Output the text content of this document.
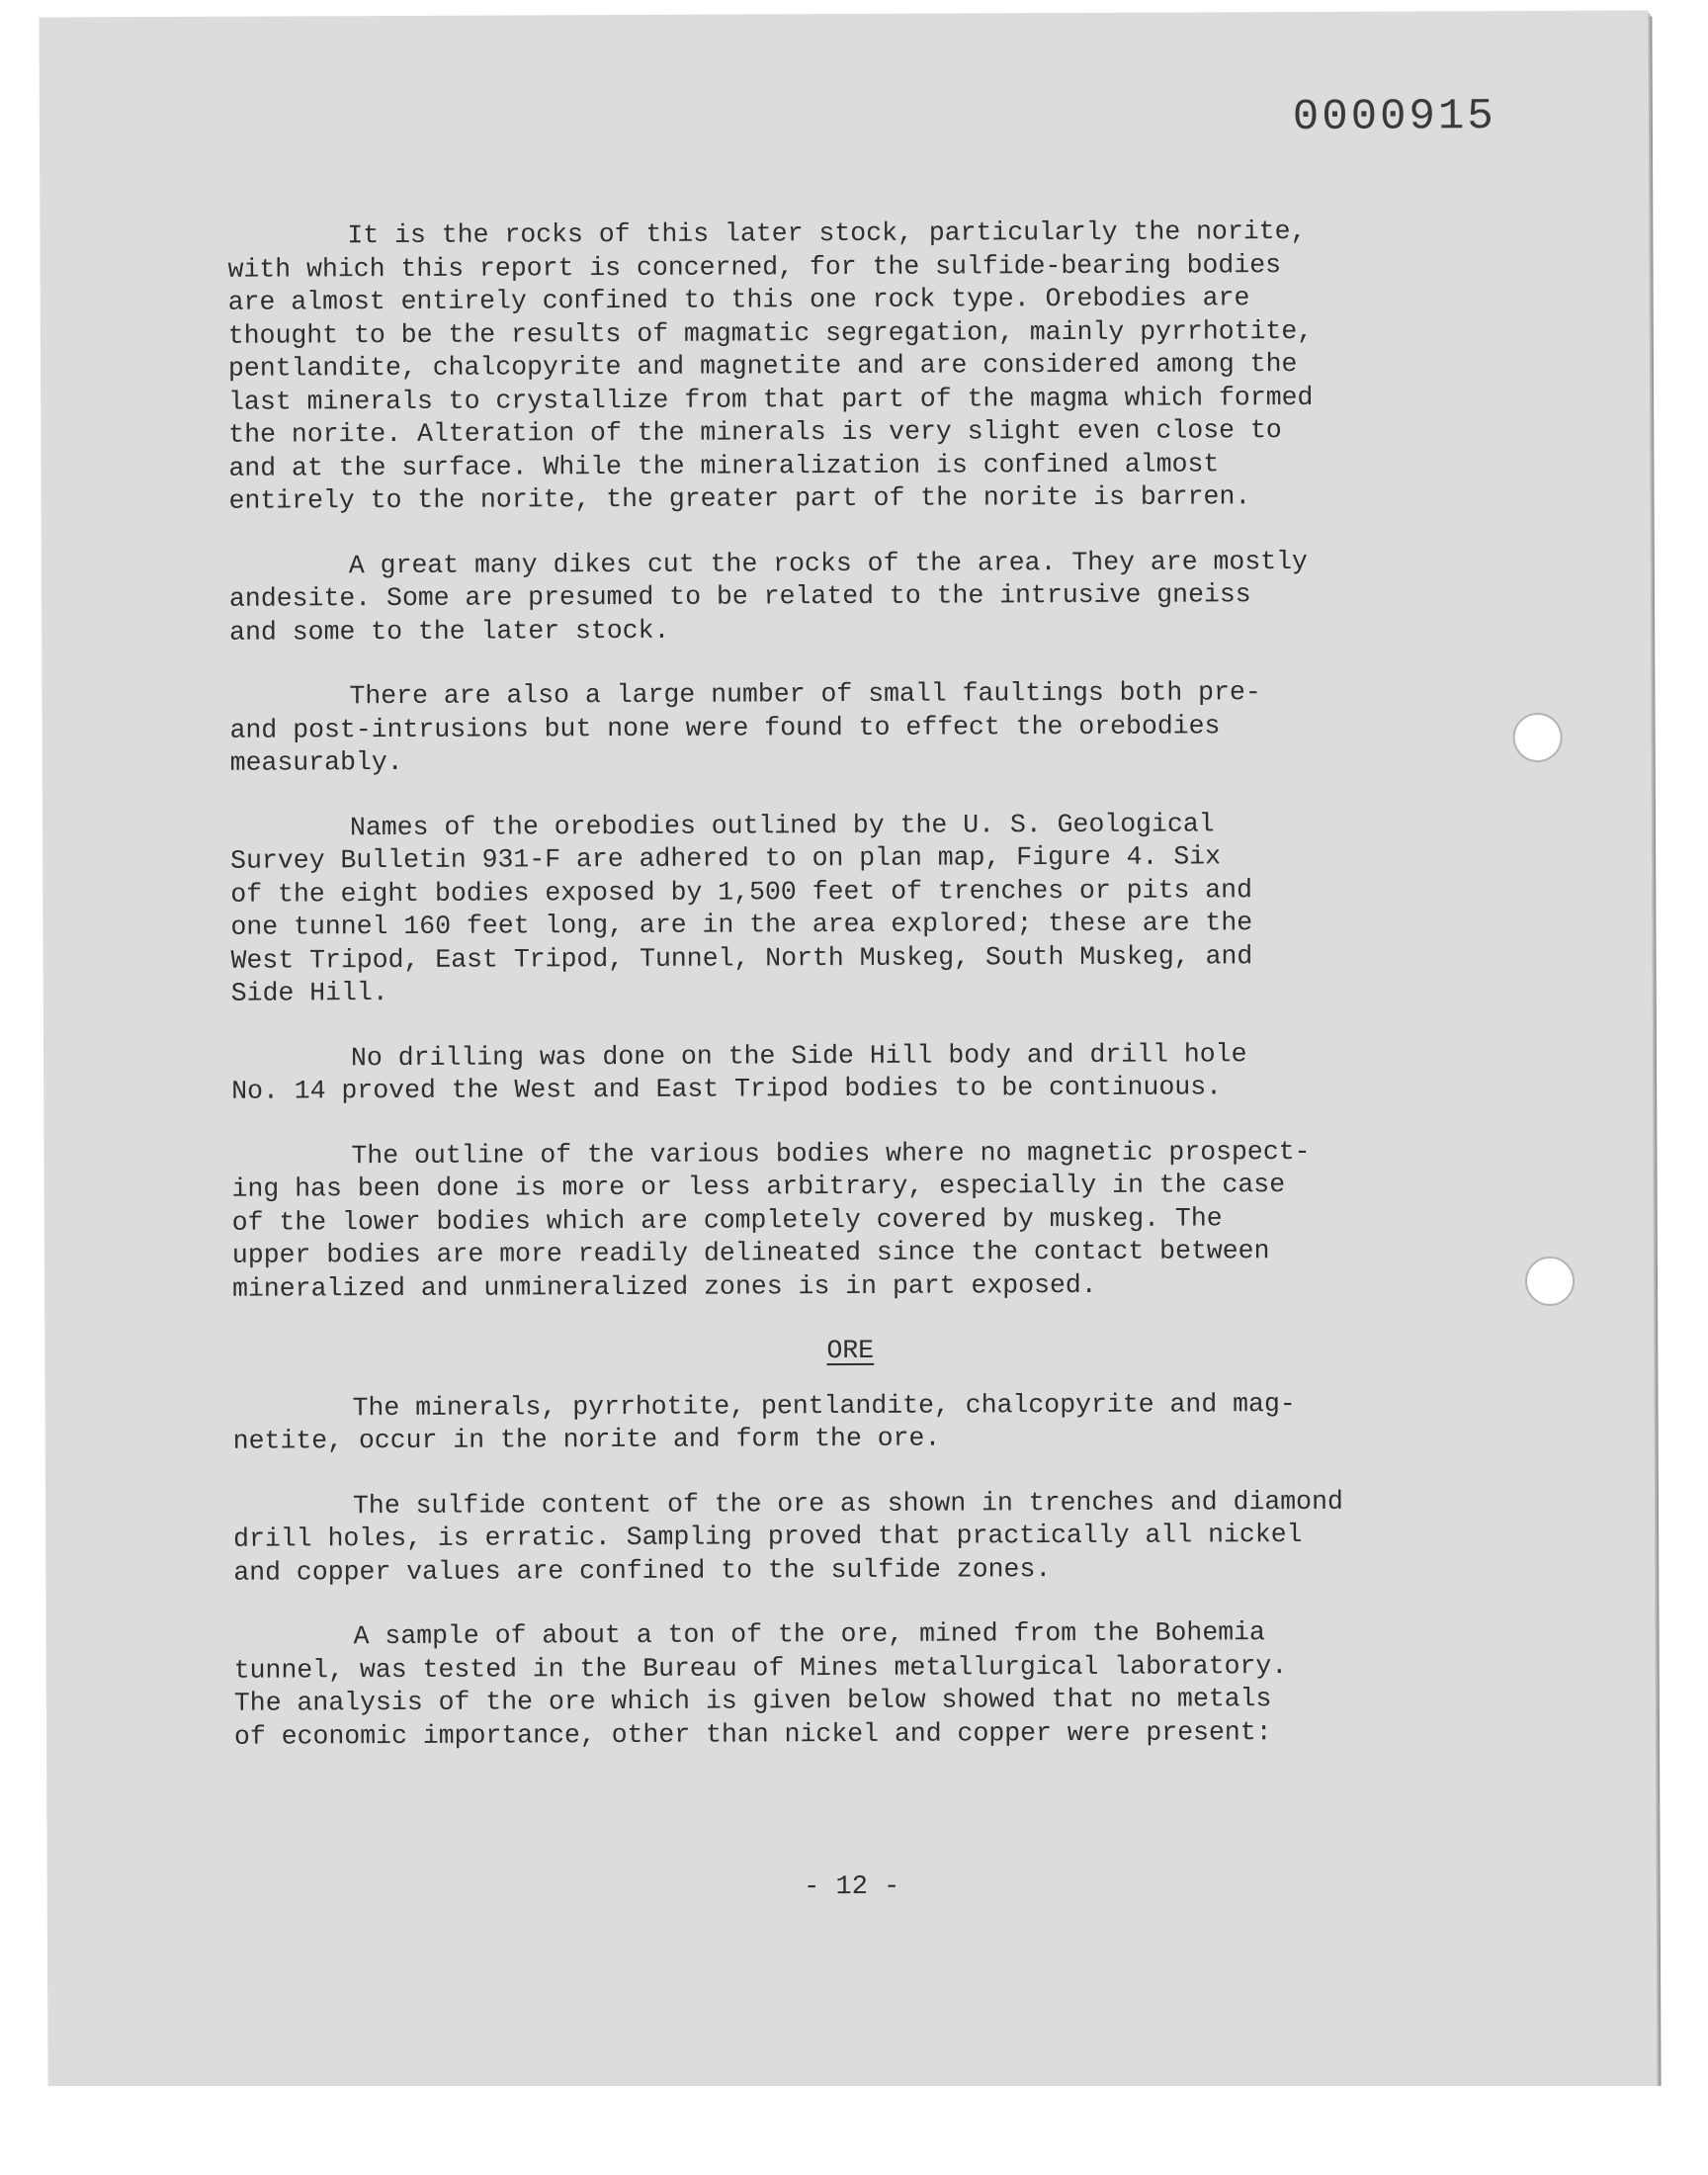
0000915

It is the rocks of this later stock, particularly the norite,
with which this report is concerned, for the sulfide-bearing bodies
are almost entirely confined to this one rock type. Orebodies are
thought to be the results of magmatic segregation, mainly pyrrhotite,
pentlandite, chalcopyrite and magnetite and are considered among the
last minerals to crystallize from that part of the magma which formed
the norite. Alteration of the minerals is very slight even close to
and at the surface. While the mineralization is confined almost
entirely to the norite, the greater part of the norite is barren.

A great many dikes cut the rocks of the area. They are mostly
andesite. Some are presumed to be related to the intrusive gneiss
and some to the later stock.

There are also a large number of small faultings both pre-
and post-intrusions but none were found to effect the orebodies
measurably.

Names of the orebodies outlined by the U. S. Geological
Survey Bulletin 931-F are adhered to on plan map, Figure 4. Six
of the eight bodies exposed by 1,500 feet of trenches or pits and
one tunnel 160 feet long, are in the area explored; these are the
West Tripod, East Tripod, Tunnel, North Muskeg, South Muskeg, and
Side Hill.

No drilling was done on the Side Hill body and drill hole
No. 14 proved the West and East Tripod bodies to be continuous.

The outline of the various bodies where no magnetic prospect-
ing has been done is more or less arbitrary, especially in the case
of the lower bodies which are completely covered by muskeg. The
upper bodies are more readily delineated since the contact between
mineralized and unmineralized zones is in part exposed.

ORE

The minerals, pyrrhotite, pentlandite, chalcopyrite and mag-
netite, occur in the norite and form the ore.

The sulfide content of the ore as shown in trenches and diamond
drill holes, is erratic. Sampling proved that practically all nickel
and copper values are confined to the sulfide zones.

A sample of about a ton of the ore, mined from the Bohemia
tunnel, was tested in the Bureau of Mines metallurgical laboratory.
The analysis of the ore which is given below showed that no metals
of economic importance, other than nickel and copper were present:

- 12 -
